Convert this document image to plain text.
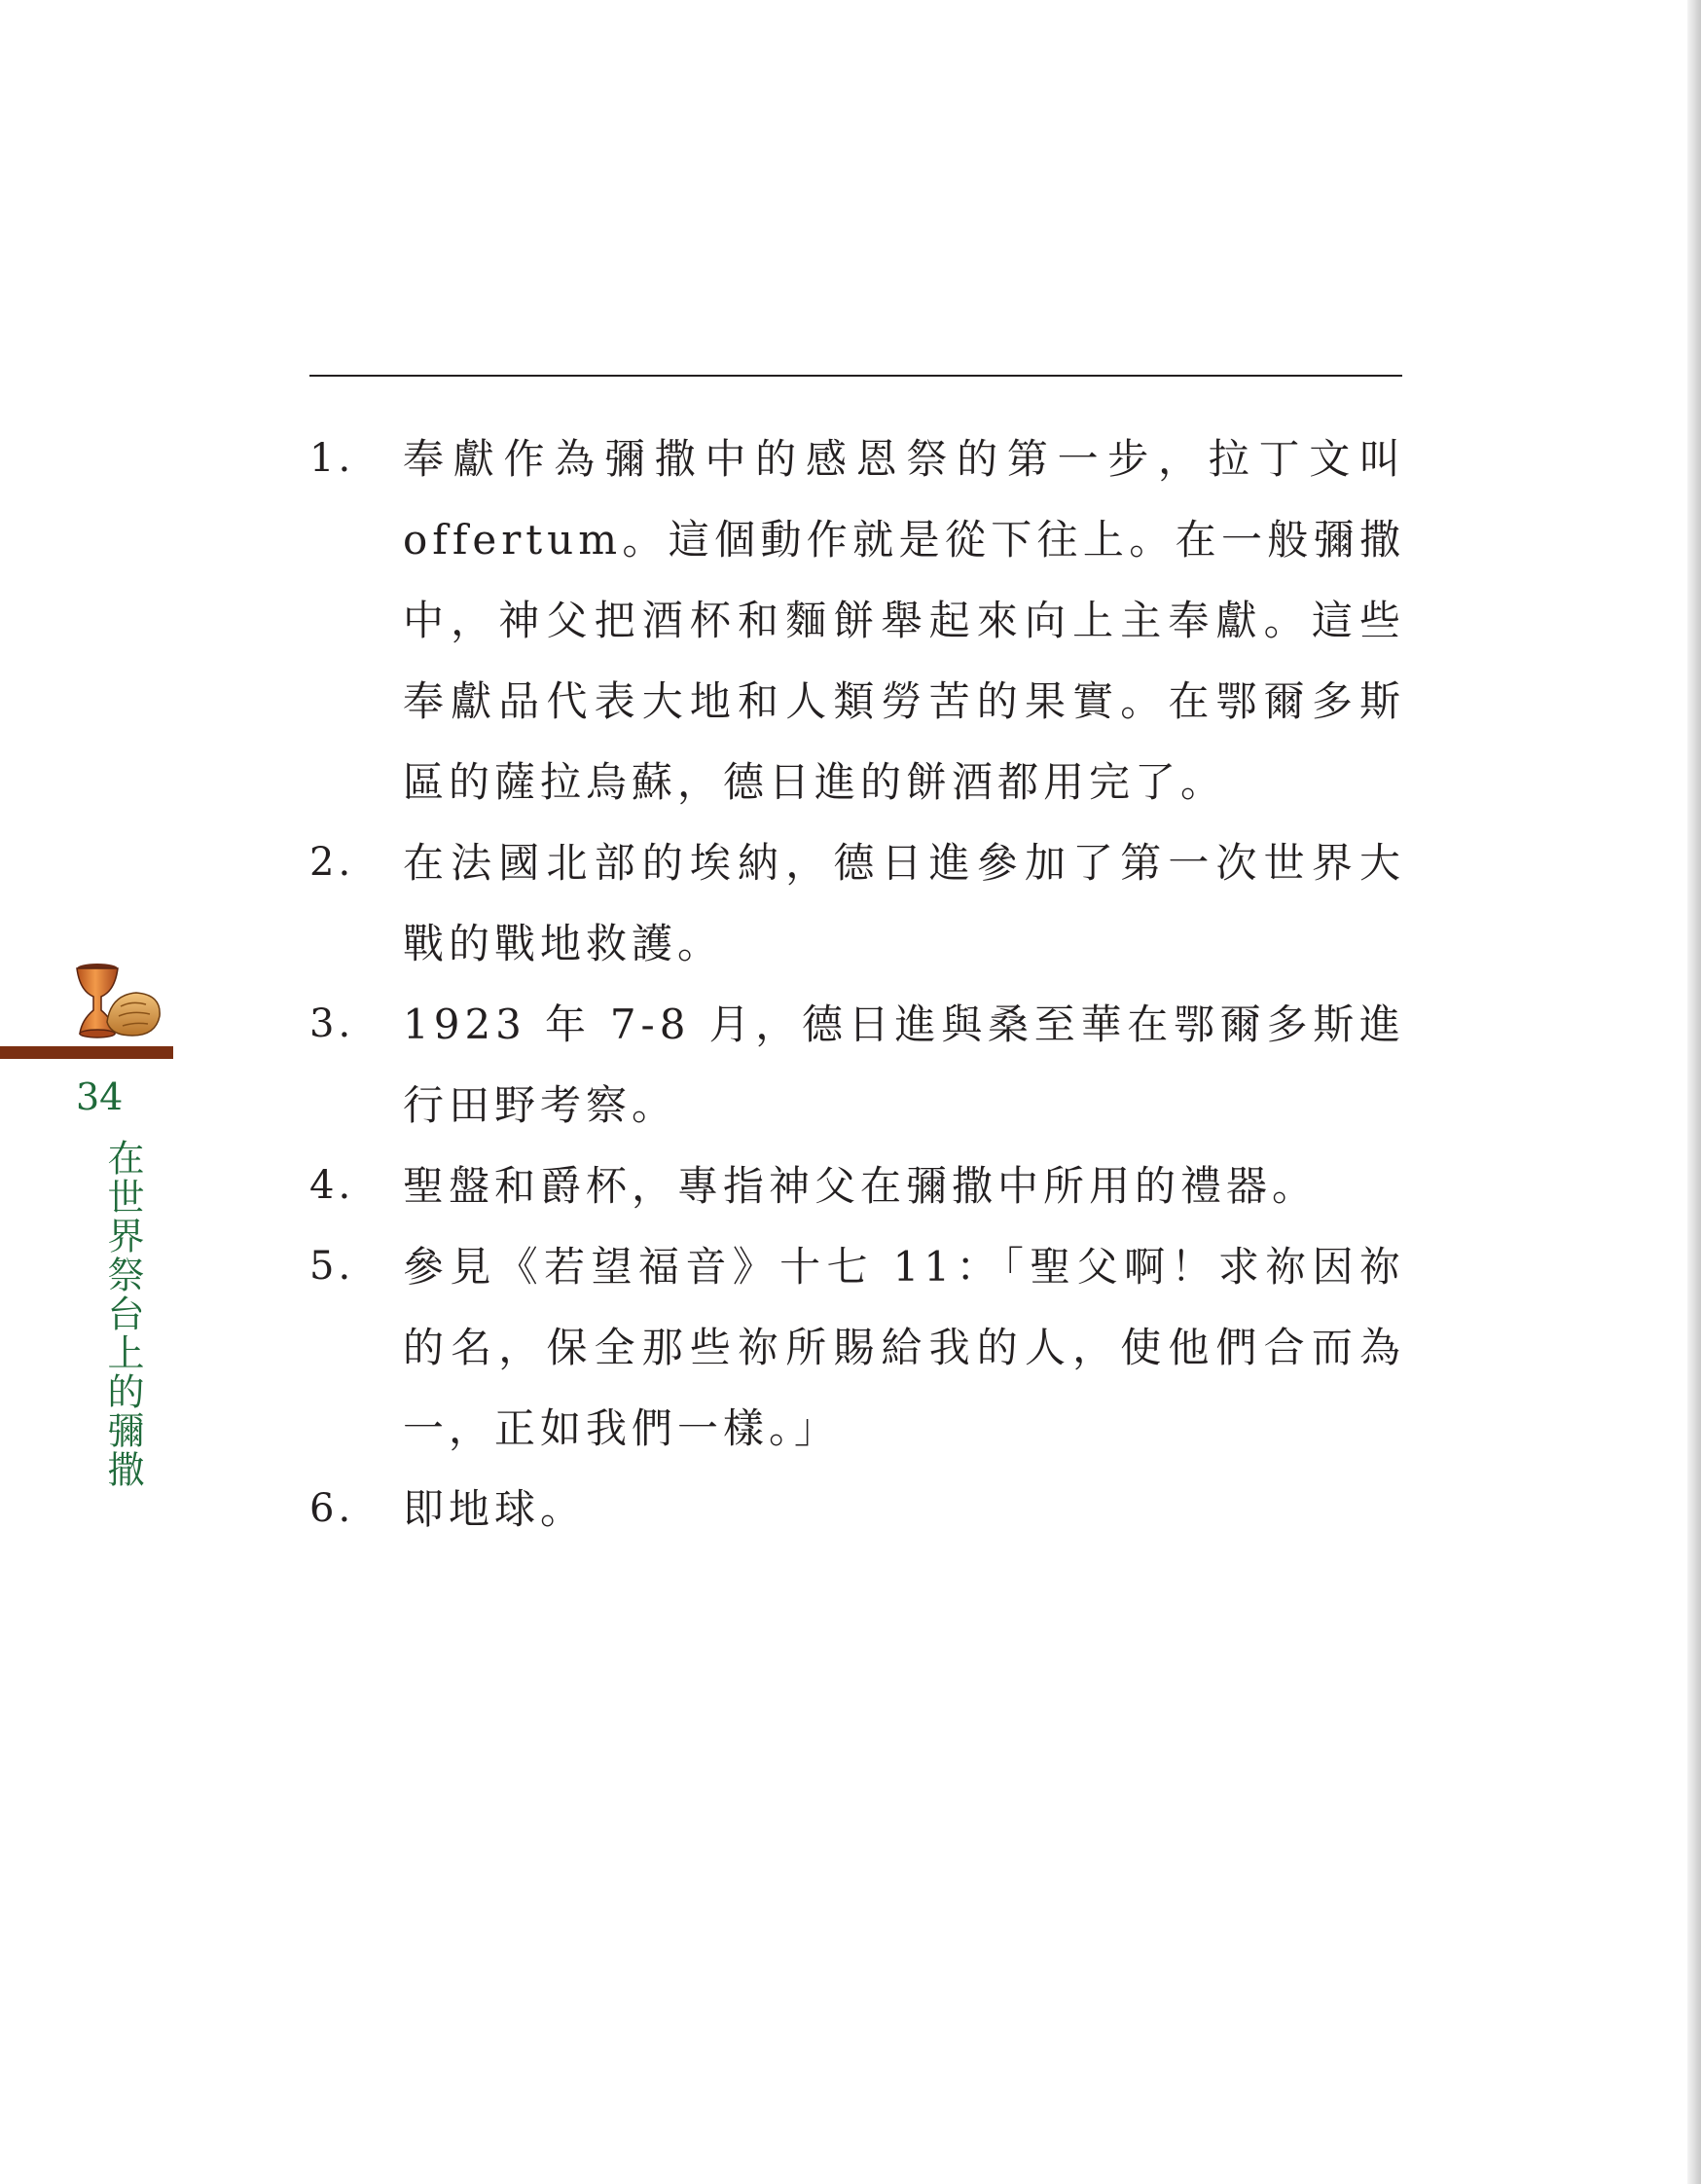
1.	奉獻作為彌撒中的感恩祭的第一步，拉丁文叫offertum。這個動作就是從下往上。在一般彌撒中，神父把酒杯和麵餅舉起來向上主奉獻。這些奉獻品代表大地和人類勞苦的果實。在鄂爾多斯區的薩拉烏蘇，德日進的餅酒都用完了。
2.	在法國北部的埃納，德日進參加了第一次世界大戰的戰地救護。
3.	1923 年 7-8 月，德日進與桑至華在鄂爾多斯進行田野考察。
4.	聖盤和爵杯，專指神父在彌撒中所用的禮器。
5.	參見《若望福音》十七 11：「聖父啊！求祢因祢的名，保全那些祢所賜給我的人，使他們合而為一，正如我們一樣。」
6.	即地球。
34
在世界祭台上的彌撒
